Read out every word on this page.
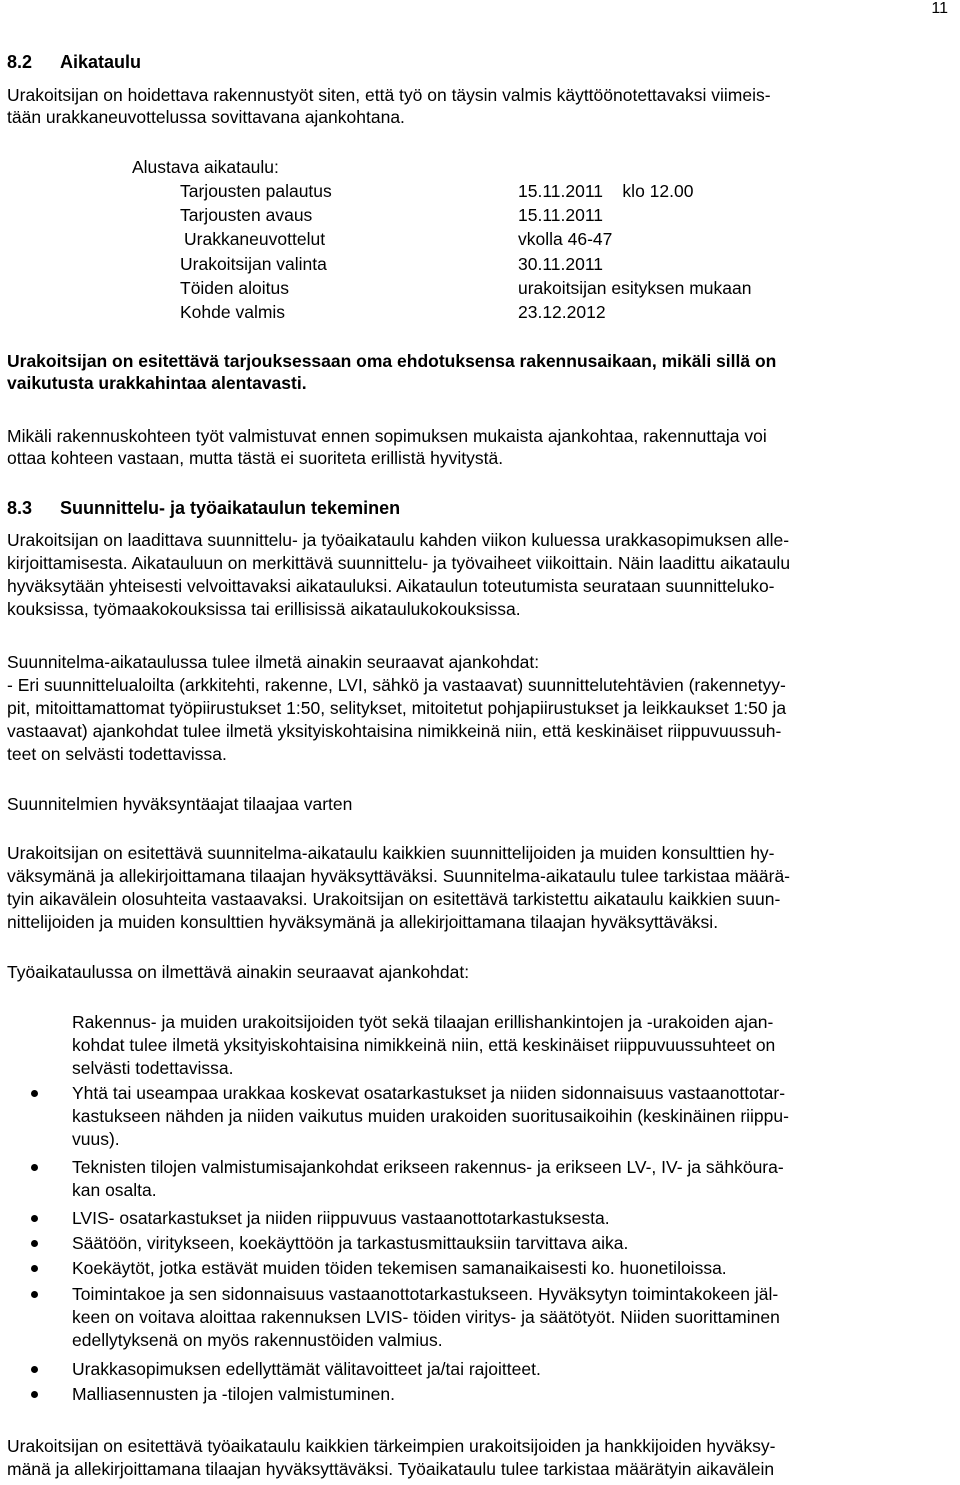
11
8.2 Aikataulu
Urakoitsijan on hoidettava rakennustyöt siten, että työ on täysin valmis käyttöönotettavaksi viimeis-
tään urakkaneuvottelussa sovittavana ajankohtana.
Alustava aikataulu:
Tarjousten palautus	15.11.2011    klo 12.00
Tarjousten avaus	15.11.2011
Urakkaneuvottelut	vkolla 46-47
Urakoitsijan valinta	30.11.2011
Töiden aloitus	urakoitsijan esityksen mukaan
Kohde valmis	23.12.2012
Urakoitsijan on esitettävä tarjouksessaan oma ehdotuksensa rakennusaikaan, mikäli sillä on
vaikutusta urakkahintaa alentavasti.
Mikäli rakennuskohteen työt valmistuvat ennen sopimuksen mukaista ajankohtaa, rakennuttaja voi
ottaa kohteen vastaan, mutta tästä ei suoriteta erillistä hyvitystä.
8.3 Suunnittelu- ja työaikataulun tekeminen
Urakoitsijan on laadittava suunnittelu- ja työaikataulu kahden viikon kuluessa urakkasopimuksen alle-
kirjoittamisesta. Aikatauluun on merkittävä suunnittelu- ja työvaiheet viikoittain. Näin laadittu aikataulu
hyväksytään yhteisesti velvoittavaksi aikatauluksi. Aikataulun toteutumista seurataan suunnitteluko-
kouksissa, työmaakokouksissa tai erillisissä aikataulukokouksissa.
Suunnitelma-aikataulussa tulee ilmetä ainakin seuraavat ajankohdat:
- Eri suunnittelualoilta (arkkitehti, rakenne, LVI, sähkö ja vastaavat) suunnittelutehtävien (rakennetyy-
pit, mitoittamattomat työpiirustukset 1:50, selitykset, mitoitetut pohjapiirustukset ja leikkaukset 1:50 ja
vastaavat) ajankohdat tulee ilmetä yksityiskohtaisina nimikkeinä niin, että keskinäiset riippuvuussuh-
teet on selvästi todettavissa.
Suunnitelmien hyväksyntäajat tilaajaa varten
Urakoitsijan on esitettävä suunnitelma-aikataulu kaikkien suunnittelijoiden ja muiden konsulttien hy-
väksymänä ja allekirjoittamana tilaajan hyväksyttäväksi. Suunnitelma-aikataulu tulee tarkistaa määrä-
tyin aikavälein olosuhteita vastaavaksi. Urakoitsijan on esitettävä tarkistettu aikataulu kaikkien suun-
nittelijoiden ja muiden konsulttien hyväksymänä ja allekirjoittamana tilaajan hyväksyttäväksi.
Työaikataulussa on ilmettävä ainakin seuraavat ajankohdat:
Rakennus- ja muiden urakoitsijoiden työt sekä tilaajan erillishankintojen ja -urakoiden ajan-
kohdat tulee ilmetä yksityiskohtaisina nimikkeinä niin, että keskinäiset riippuvuussuhteet on
selvästi todettavissa.
Yhtä tai useampaa urakkaa koskevat osatarkastukset ja niiden sidonnaisuus vastaanottotar-
kastukseen nähden ja niiden vaikutus muiden urakoiden suoritusaikoihin (keskinäinen riippu-
vuus).
Teknisten tilojen valmistumisajankohdat erikseen rakennus- ja erikseen LV-, IV- ja sähköura-
kan osalta.
LVIS- osatarkastukset ja niiden riippuvuus vastaanottotarkastuksesta.
Säätöön, viritykseen, koekäyttöön ja tarkastusmittauksiin tarvittava aika.
Koekäytöt, jotka estävät muiden töiden tekemisen samanaikaisesti ko. huonetiloissa.
Toimintakoe ja sen sidonnaisuus vastaanottotarkastukseen. Hyväksytyn toimintakokeen jäl-
keen on voitava aloittaa rakennuksen LVIS- töiden viritys- ja säätötyöt. Niiden suorittaminen
edellytyksenä on myös rakennustöiden valmius.
Urakkasopimuksen edellyttämät välitavoitteet ja/tai rajoitteet.
Malliasennusten ja -tilojen valmistuminen.
Urakoitsijan on esitettävä työaikataulu kaikkien tärkeimpien urakoitsijoiden ja hankkijoiden hyväksy-
mänä ja allekirjoittamana tilaajan hyväksyttäväksi. Työaikataulu tulee tarkistaa määrätyin aikavälein
